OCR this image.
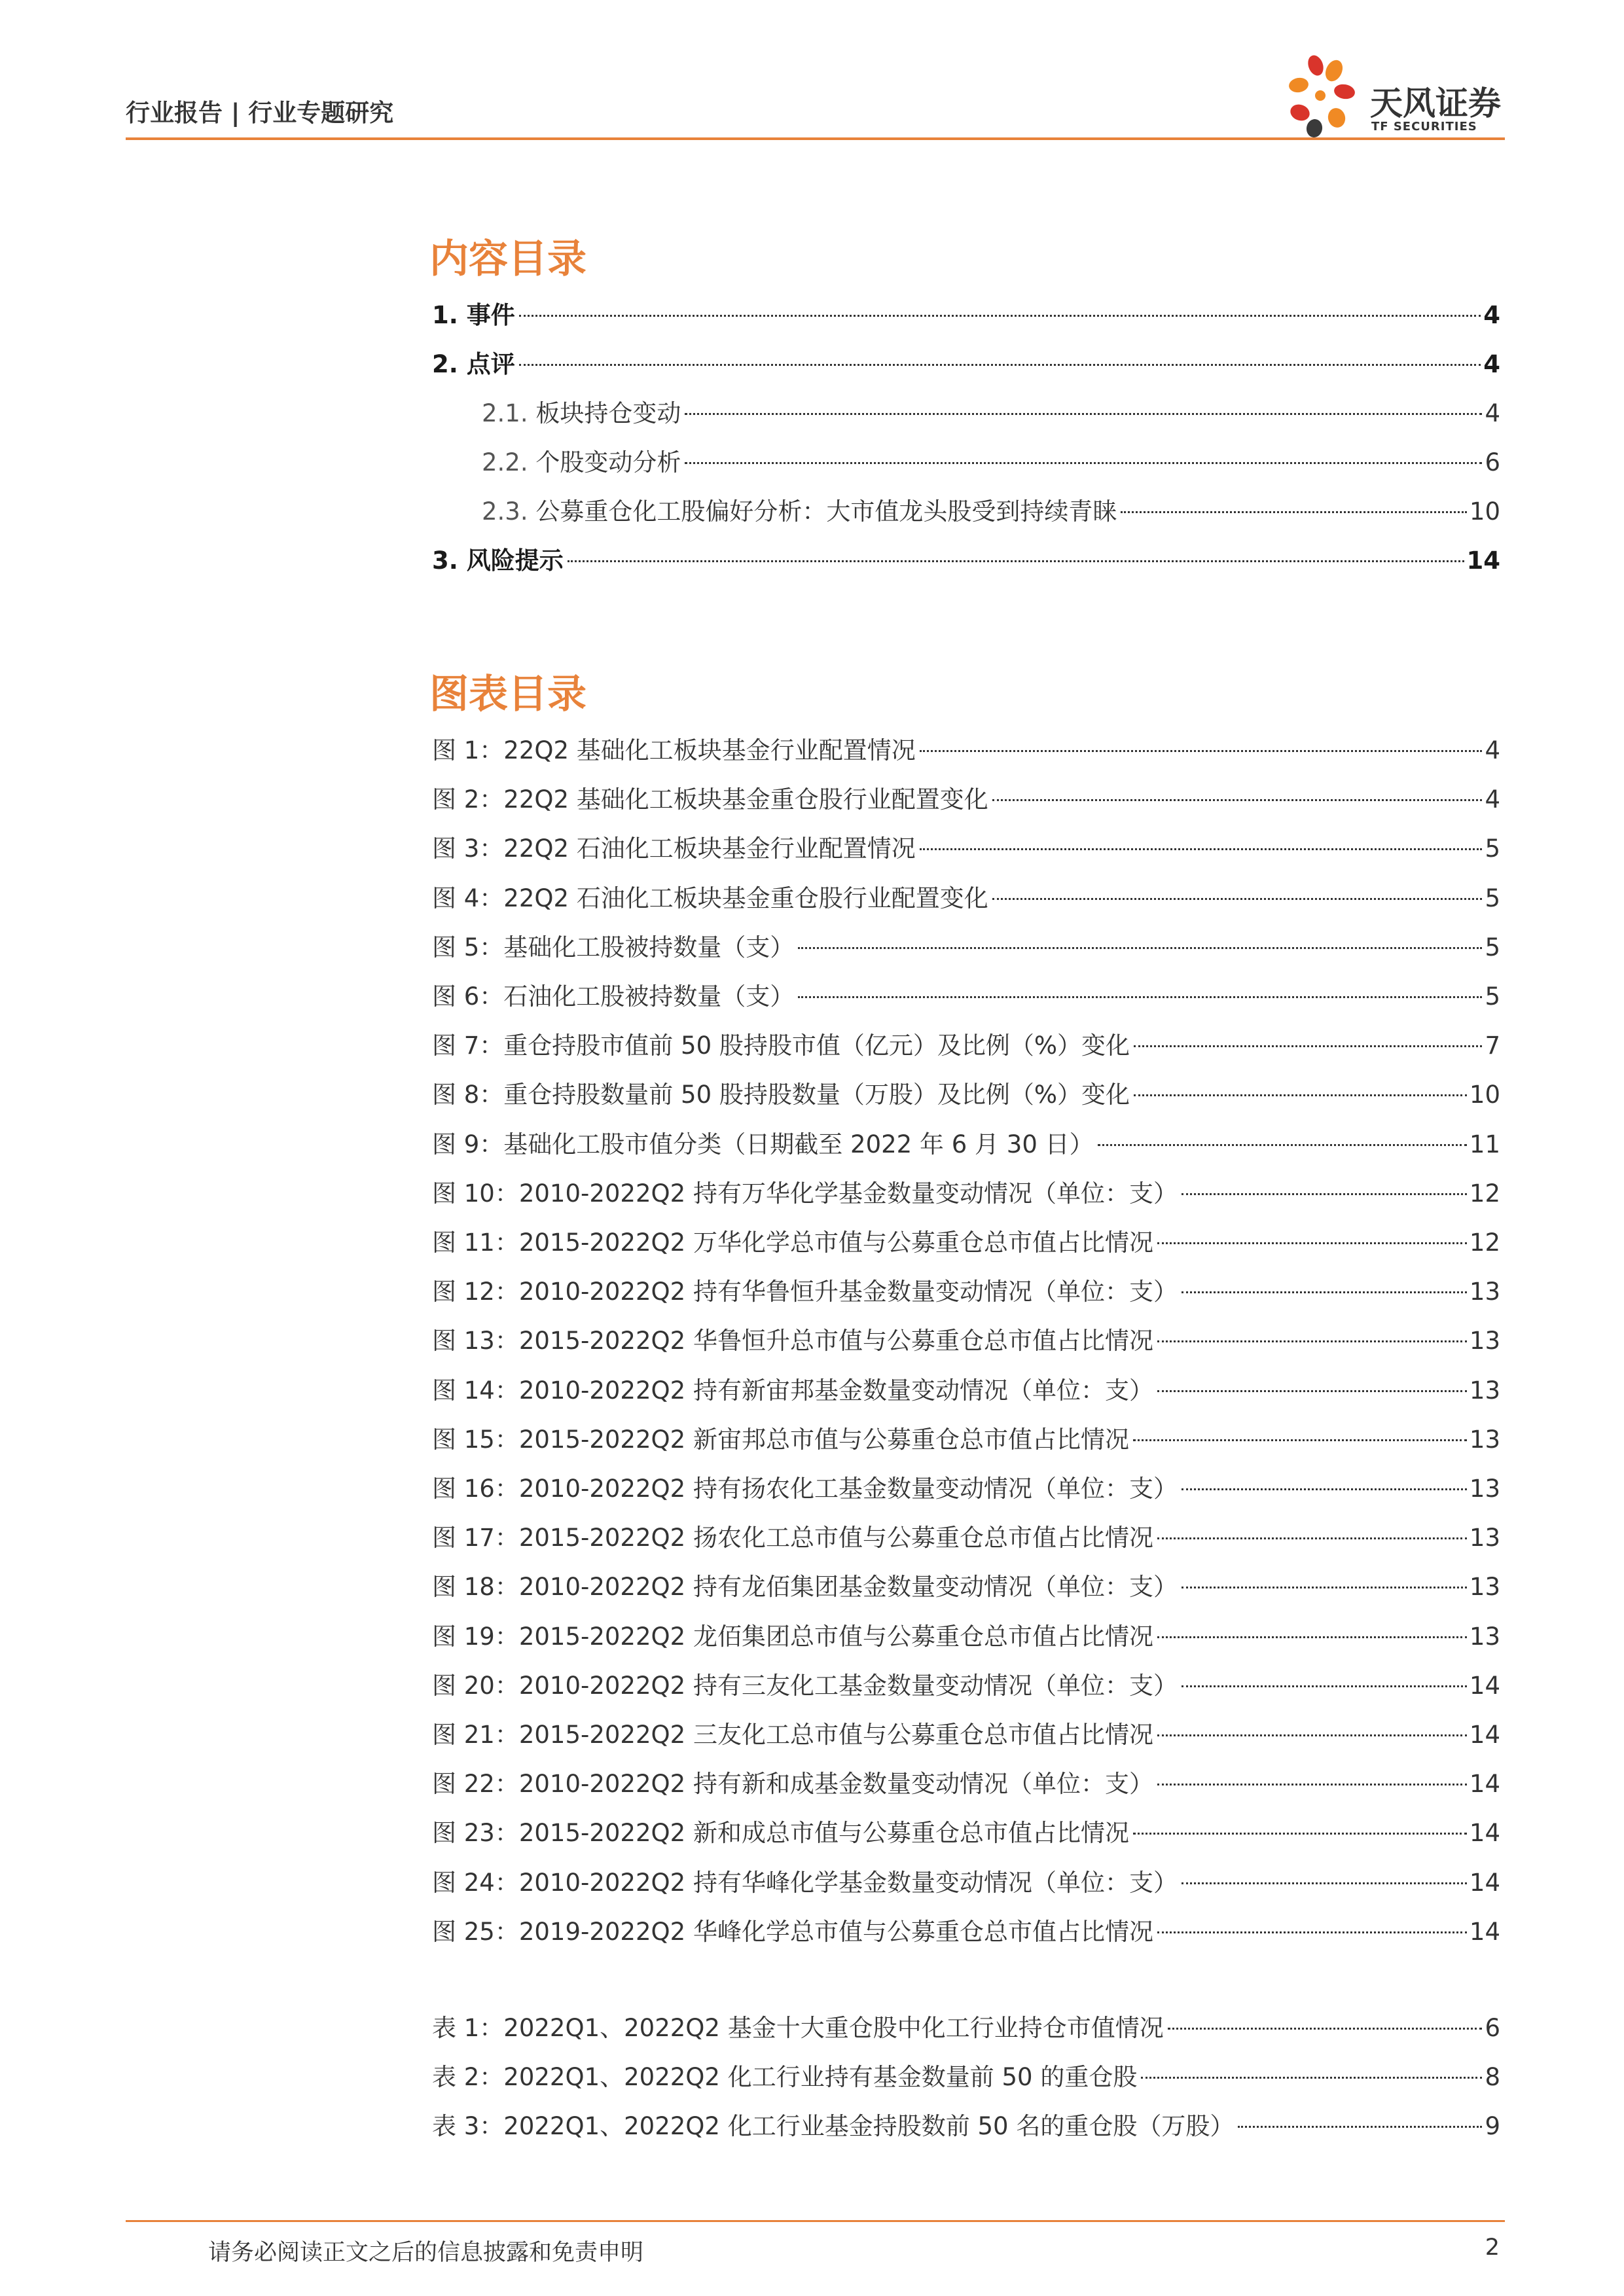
行业报告 | 行业专题研究	天风证券
TF SECURITIES
内容目录
1. 事件	4
2. 点评	4
2.1. 板块持仓变动	4
2.2. 个股变动分析	6
2.3. 公募重仓化工股偏好分析：大市值龙头股受到持续青睐	10
3. 风险提示	14
图表目录
图 1：22Q2 基础化工板块基金行业配置情况	4
图 2：22Q2 基础化工板块基金重仓股行业配置变化	4
图 3：22Q2 石油化工板块基金行业配置情况	5
图 4：22Q2 石油化工板块基金重仓股行业配置变化	5
图 5：基础化工股被持数量（支）	5
图 6：石油化工股被持数量（支）	5
图 7：重仓持股市值前 50 股持股市值（亿元）及比例（%）变化	7
图 8：重仓持股数量前 50 股持股数量（万股）及比例（%）变化	10
图 9：基础化工股市值分类（日期截至 2022 年 6 月 30 日）	11
图 10：2010-2022Q2 持有万华化学基金数量变动情况（单位：支）	12
图 11：2015-2022Q2 万华化学总市值与公募重仓总市值占比情况	12
图 12：2010-2022Q2 持有华鲁恒升基金数量变动情况（单位：支）	13
图 13：2015-2022Q2 华鲁恒升总市值与公募重仓总市值占比情况	13
图 14：2010-2022Q2 持有新宙邦基金数量变动情况（单位：支）	13
图 15：2015-2022Q2 新宙邦总市值与公募重仓总市值占比情况	13
图 16：2010-2022Q2 持有扬农化工基金数量变动情况（单位：支）	13
图 17：2015-2022Q2 扬农化工总市值与公募重仓总市值占比情况	13
图 18：2010-2022Q2 持有龙佰集团基金数量变动情况（单位：支）	13
图 19：2015-2022Q2 龙佰集团总市值与公募重仓总市值占比情况	13
图 20：2010-2022Q2 持有三友化工基金数量变动情况（单位：支）	14
图 21：2015-2022Q2 三友化工总市值与公募重仓总市值占比情况	14
图 22：2010-2022Q2 持有新和成基金数量变动情况（单位：支）	14
图 23：2015-2022Q2 新和成总市值与公募重仓总市值占比情况	14
图 24：2010-2022Q2 持有华峰化学基金数量变动情况（单位：支）	14
图 25：2019-2022Q2 华峰化学总市值与公募重仓总市值占比情况	14
表 1：2022Q1、2022Q2 基金十大重仓股中化工行业持仓市值情况	6
表 2：2022Q1、2022Q2 化工行业持有基金数量前 50 的重仓股	8
表 3：2022Q1、2022Q2 化工行业基金持股数前 50 名的重仓股（万股）	9
请务必阅读正文之后的信息披露和免责申明	2
